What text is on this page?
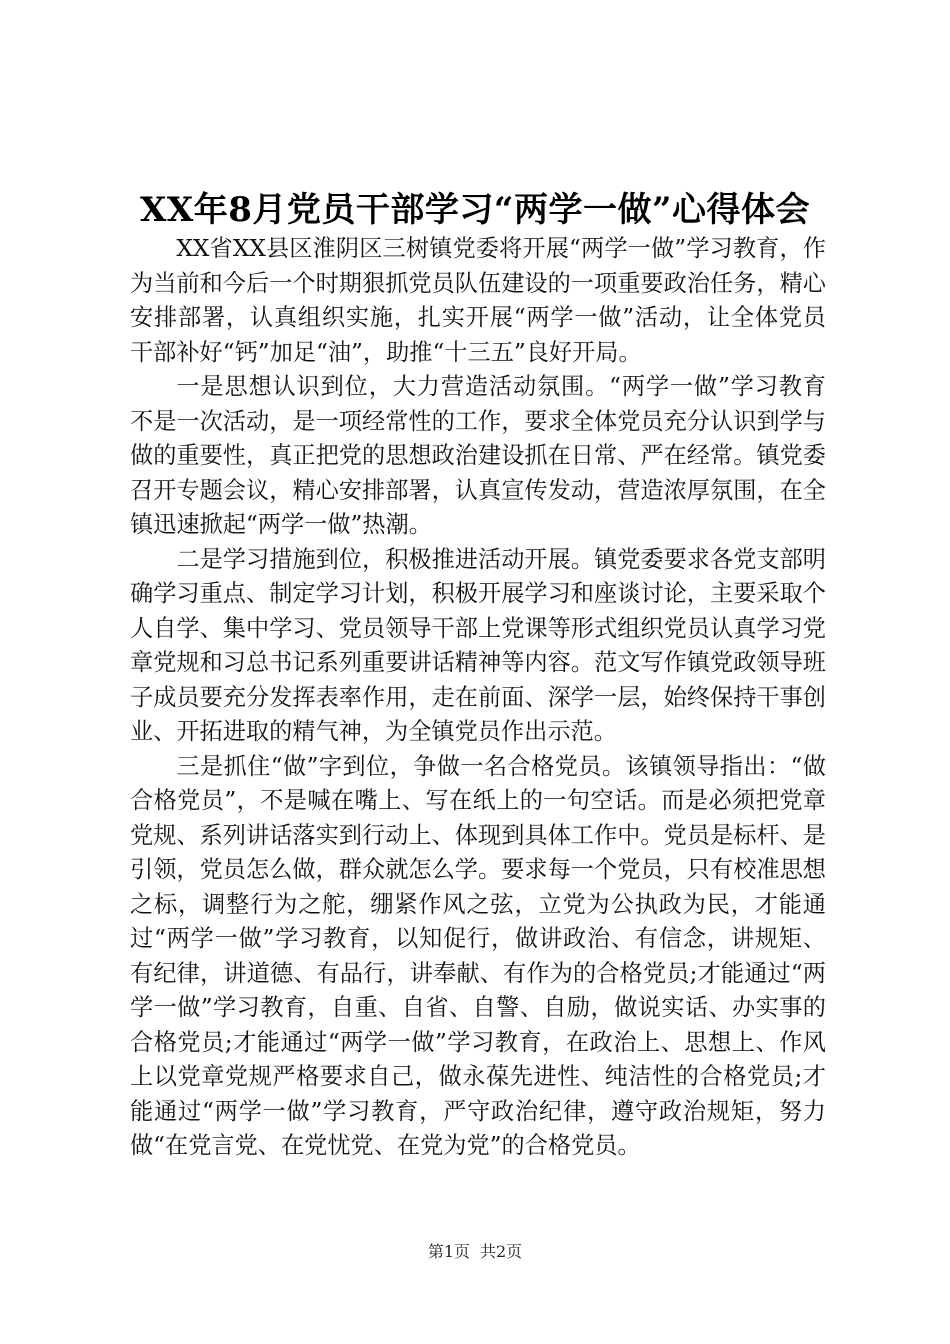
XX年8月党员干部学习“两学一做”心得体会

XX省XX县区淮阴区三树镇党委将开展“两学一做”学习教育，作为当前和今后一个时期狠抓党员队伍建设的一项重要政治任务，精心安排部署，认真组织实施，扎实开展“两学一做”活动，让全体党员干部补好“钙”加足“油”，助推“十三五”良好开局。

一是思想认识到位，大力营造活动氛围。“两学一做”学习教育不是一次活动，是一项经常性的工作，要求全体党员充分认识到学与做的重要性，真正把党的思想政治建设抓在日常、严在经常。镇党委召开专题会议，精心安排部署，认真宣传发动，营造浓厚氛围，在全镇迅速掀起“两学一做”热潮。

二是学习措施到位，积极推进活动开展。镇党委要求各党支部明确学习重点、制定学习计划，积极开展学习和座谈讨论，主要采取个人自学、集中学习、党员领导干部上党课等形式组织党员认真学习党章党规和习总书记系列重要讲话精神等内容。范文写作镇党政领导班子成员要充分发挥表率作用，走在前面、深学一层，始终保持干事创业、开拓进取的精气神，为全镇党员作出示范。

三是抓住“做”字到位，争做一名合格党员。该镇领导指出：“做合格党员”，不是喊在嘴上、写在纸上的一句空话。而是必须把党章党规、系列讲话落实到行动上、体现到具体工作中。党员是标杆、是引领，党员怎么做，群众就怎么学。要求每一个党员，只有校准思想之标，调整行为之舵，绷紧作风之弦，立党为公执政为民，才能通过“两学一做”学习教育，以知促行，做讲政治、有信念，讲规矩、有纪律，讲道德、有品行，讲奉献、有作为的合格党员;才能通过“两学一做”学习教育，自重、自省、自警、自励，做说实话、办实事的合格党员;才能通过“两学一做”学习教育，在政治上、思想上、作风上以党章党规严格要求自己，做永葆先进性、纯洁性的合格党员;才能通过“两学一做”学习教育，严守政治纪律，遵守政治规矩，努力做“在党言党、在党忧党、在党为党”的合格党员。

第1页 共2页
